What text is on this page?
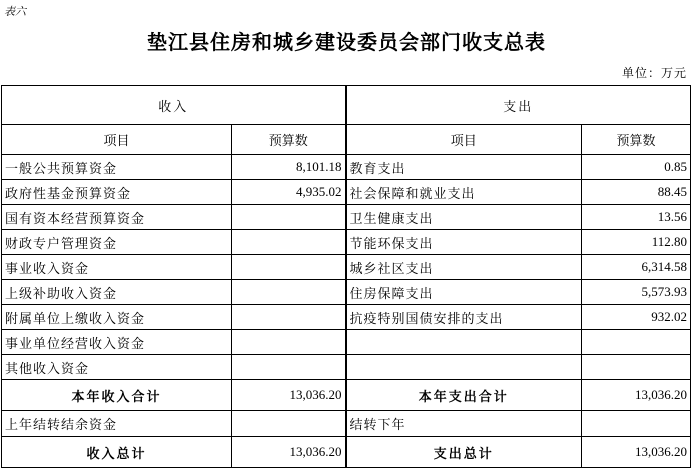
表六
垫江县住房和城乡建设委员会部门收支总表
单位：万元
收入		支出	
项目	预算数	项目	预算数
一般公共预算资金	8,101.18	教育支出	0.85
政府性基金预算资金	4,935.02	社会保障和就业支出	88.45
国有资本经营预算资金		卫生健康支出	13.56
财政专户管理资金		节能环保支出	112.80
事业收入资金		城乡社区支出	6,314.58
上级补助收入资金		住房保障支出	5,573.93
附属单位上缴收入资金		抗疫特别国债安排的支出	932.02
事业单位经营收入资金			
其他收入资金			
本年收入合计	13,036.20	本年支出合计	13,036.20
上年结转结余资金		结转下年	
收入总计	13,036.20	支出总计	13,036.20
